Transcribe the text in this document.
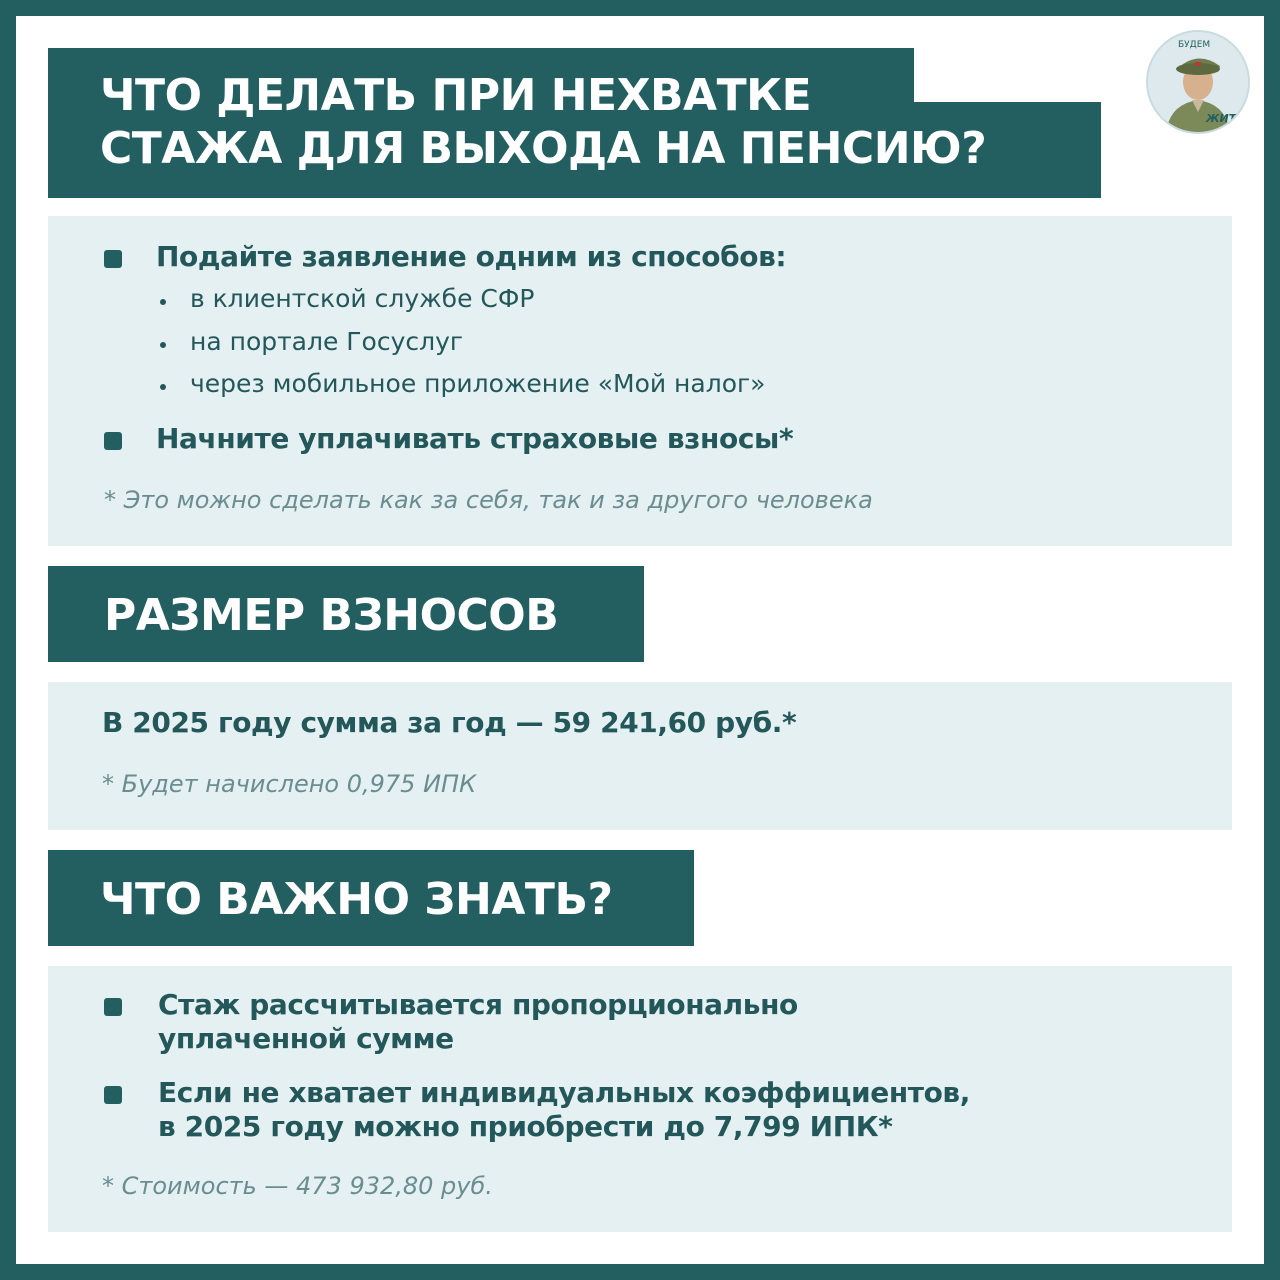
ЧТО ДЕЛАТЬ ПРИ НЕХВАТКЕ
СТАЖА ДЛЯ ВЫХОДА НА ПЕНСИЮ?
БУДЕМ
ЖИТЬ
Подайте заявление одним из способов:
в клиентской службе СФР
на портале Госуслуг
через мобильное приложение «Мой налог»
Начните уплачивать страховые взносы*
* Это можно сделать как за себя, так и за другого человека
РАЗМЕР ВЗНОСОВ
В 2025 году сумма за год — 59 241,60 руб.*
* Будет начислено 0,975 ИПК
ЧТО ВАЖНО ЗНАТЬ?
Стаж рассчитывается пропорционально
уплаченной сумме
Если не хватает индивидуальных коэффициентов,
в 2025 году можно приобрести до 7,799 ИПК*
* Стоимость — 473 932,80 руб.
